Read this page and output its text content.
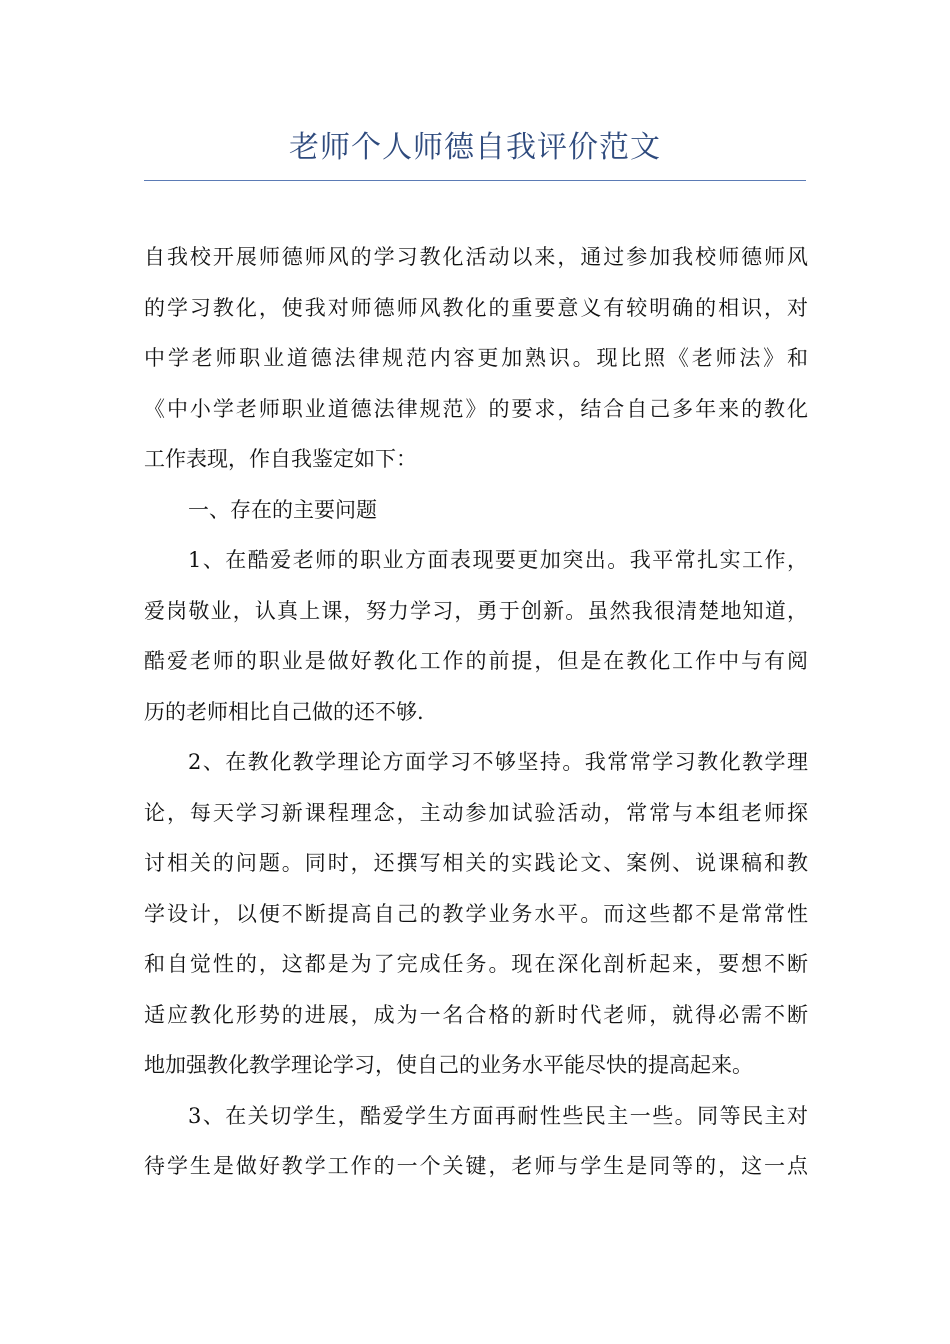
老师个人师德自我评价范文
自我校开展师德师风的学习教化活动以来，通过参加我校师德师风
的学习教化，使我对师德师风教化的重要意义有较明确的相识，对
中学老师职业道德法律规范内容更加熟识。现比照《老师法》和
《中小学老师职业道德法律规范》的要求，结合自己多年来的教化
工作表现，作自我鉴定如下：
一、存在的主要问题
1、在酷爱老师的职业方面表现要更加突出。我平常扎实工作，
爱岗敬业，认真上课，努力学习，勇于创新。虽然我很清楚地知道，
酷爱老师的职业是做好教化工作的前提，但是在教化工作中与有阅
历的老师相比自己做的还不够.
2、在教化教学理论方面学习不够坚持。我常常学习教化教学理
论，每天学习新课程理念，主动参加试验活动，常常与本组老师探
讨相关的问题。同时，还撰写相关的实践论文、案例、说课稿和教
学设计，以便不断提高自己的教学业务水平。而这些都不是常常性
和自觉性的，这都是为了完成任务。现在深化剖析起来，要想不断
适应教化形势的进展，成为一名合格的新时代老师，就得必需不断
地加强教化教学理论学习，使自己的业务水平能尽快的提高起来。
3、在关切学生，酷爱学生方面再耐性些民主一些。同等民主对
待学生是做好教学工作的一个关键，老师与学生是同等的，这一点
